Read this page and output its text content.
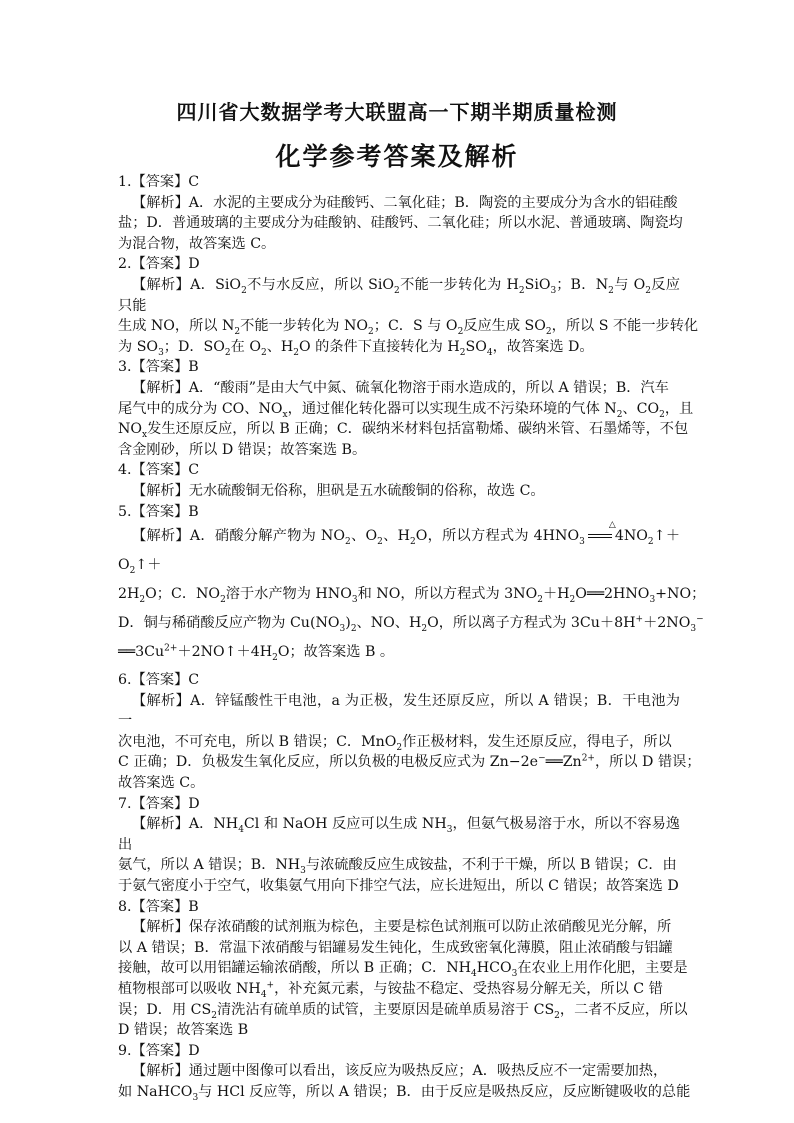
四川省大数据学考大联盟高一下期半期质量检测
化学参考答案及解析

1.【答案】C

【解析】A．水泥的主要成分为硅酸钙、二氧化硅；B．陶瓷的主要成分为含水的铝硅酸

盐；D．普通玻璃的主要成分为硅酸钠、硅酸钙、二氧化硅；所以水泥、普通玻璃、陶瓷均

为混合物，故答案选 C。

2.【答案】D

【解析】A．SiO$_2$不与水反应，所以 SiO$_2$不能一步转化为 $H_2SiO_3$；B．$N_2$与 $O_2$反应只能

生成 NO，所以 $N_2$不能一步转化为 $NO_2$；C．S 与 $O_2$反应生成 $SO_2$，所以 S 不能一步转化

为 $SO_3$；D．$SO_2$在 $O_2$、$H_2O$ 的条件下直接转化为 $H_2SO_4$，故答案选 D。

3.【答案】B

【解析】A．“酸雨”是由大气中氮、硫氧化物溶于雨水造成的，所以 A 错误；B．汽车

尾气中的成分为 CO、$NO_x$，通过催化转化器可以实现生成不污染环境的气体 $N_2$、$CO_2$，且

$NO_x$发生还原反应，所以 B 正确；C．碳纳米材料包括富勒烯、碳纳米管、石墨烯等，不包

含金刚砂，所以 D 错误；故答案选 B。

4.【答案】C

【解析】无水硫酸铜无俗称，胆矾是五水硫酸铜的俗称，故选 C。

5.【答案】B

【解析】A．硝酸分解产物为 $NO_2$、$O_2$、$H_2O$，所以方程式为 $4HNO_3$
△
$4NO_2↑+O_2↑+$

$2H_2O$；C．$NO_2$溶于水产物为 $HNO_3$和 NO，所以方程式为 $3NO_2+H_2O══2HNO_3+NO$；

D．铜与稀硝酸反应产物为 $Cu(NO_3)_2$、NO、$H_2O$，所以离子方程式为 $3Cu+8H^++2NO_3^-$

$══3Cu^{2+}+2NO↑+4H_2O$；故答案选 B 。

6.【答案】C

【解析】A．锌锰酸性干电池，a 为正极，发生还原反应，所以 A 错误；B．干电池为一

次电池，不可充电，所以 B 错误；C．MnO$_2$作正极材料，发生还原反应，得电子，所以

C 正确；D．负极发生氧化反应，所以负极的电极反应式为 $Zn-2e^-══Zn^{2+}$，所以 D 错误；

故答案选 C。

7.【答案】D

【解析】A．$NH_4Cl$ 和 NaOH 反应可以生成 $NH_3$，但氨气极易溶于水，所以不容易逸出

氨气，所以 A 错误；B．$NH_3$与浓硫酸反应生成铵盐，不利于干燥，所以 B 错误；C．由

于氨气密度小于空气，收集氨气用向下排空气法，应长进短出，所以 C 错误；故答案选 D

8.【答案】B

【解析】保存浓硝酸的试剂瓶为棕色，主要是棕色试剂瓶可以防止浓硝酸见光分解，所

以 A 错误；B．常温下浓硝酸与铝罐易发生钝化，生成致密氧化薄膜，阻止浓硝酸与铝罐

接触，故可以用铝罐运输浓硝酸，所以 B 正确；C．$NH_4HCO_3$在农业上用作化肥，主要是

植物根部可以吸收 $NH_4^+$，补充氮元素，与铵盐不稳定、受热容易分解无关，所以 C 错

误；D．用 $CS_2$清洗沾有硫单质的试管，主要原因是硫单质易溶于 $CS_2$，二者不反应，所以

D 错误；故答案选 B

9.【答案】D

【解析】通过题中图像可以看出，该反应为吸热反应；A．吸热反应不一定需要加热，

如 NaHCO$_3$与 HCl 反应等，所以 A 错误；B．由于反应是吸热反应，反应断键吸收的总能
